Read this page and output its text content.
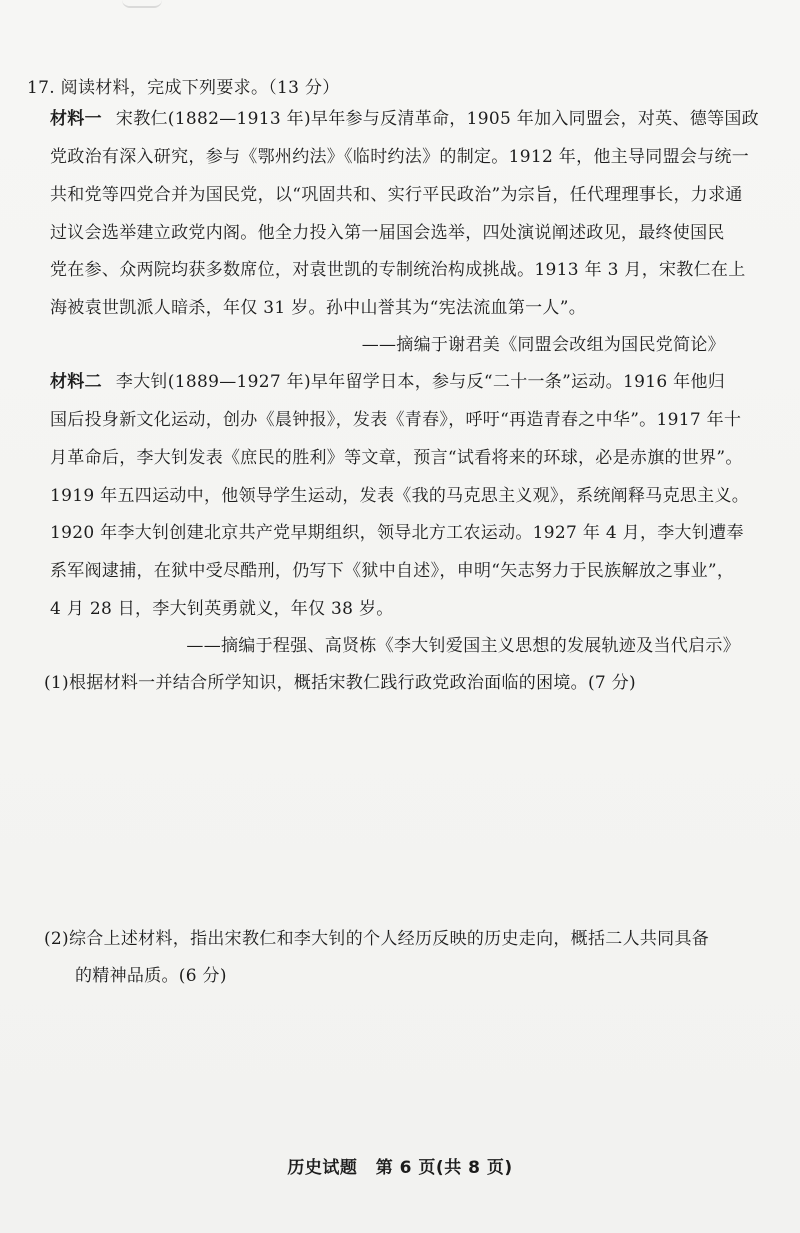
17. 阅读材料，完成下列要求。（13 分）
材料一 宋教仁(1882—1913 年)早年参与反清革命，1905 年加入同盟会，对英、德等国政
党政治有深入研究，参与《鄂州约法》《临时约法》的制定。1912 年，他主导同盟会与统一
共和党等四党合并为国民党，以“巩固共和、实行平民政治”为宗旨，任代理理事长，力求通
过议会选举建立政党内阁。他全力投入第一届国会选举，四处演说阐述政见，最终使国民
党在参、众两院均获多数席位，对袁世凯的专制统治构成挑战。1913 年 3 月，宋教仁在上
海被袁世凯派人暗杀，年仅 31 岁。孙中山誉其为“宪法流血第一人”。
——摘编于谢君美《同盟会改组为国民党简论》
材料二 李大钊(1889—1927 年)早年留学日本，参与反“二十一条”运动。1916 年他归
国后投身新文化运动，创办《晨钟报》，发表《青春》，呼吁“再造青春之中华”。1917 年十
月革命后，李大钊发表《庶民的胜利》等文章，预言“试看将来的环球，必是赤旗的世界”。
1919 年五四运动中，他领导学生运动，发表《我的马克思主义观》，系统阐释马克思主义。
1920 年李大钊创建北京共产党早期组织，领导北方工农运动。1927 年 4 月，李大钊遭奉
系军阀逮捕，在狱中受尽酷刑，仍写下《狱中自述》，申明“矢志努力于民族解放之事业”，
4 月 28 日，李大钊英勇就义，年仅 38 岁。
——摘编于程强、高贤栋《李大钊爱国主义思想的发展轨迹及当代启示》
(1)根据材料一并结合所学知识，概括宋教仁践行政党政治面临的困境。(7 分)
(2)综合上述材料，指出宋教仁和李大钊的个人经历反映的历史走向，概括二人共同具备
的精神品质。(6 分)
历史试题 第 6 页(共 8 页)
